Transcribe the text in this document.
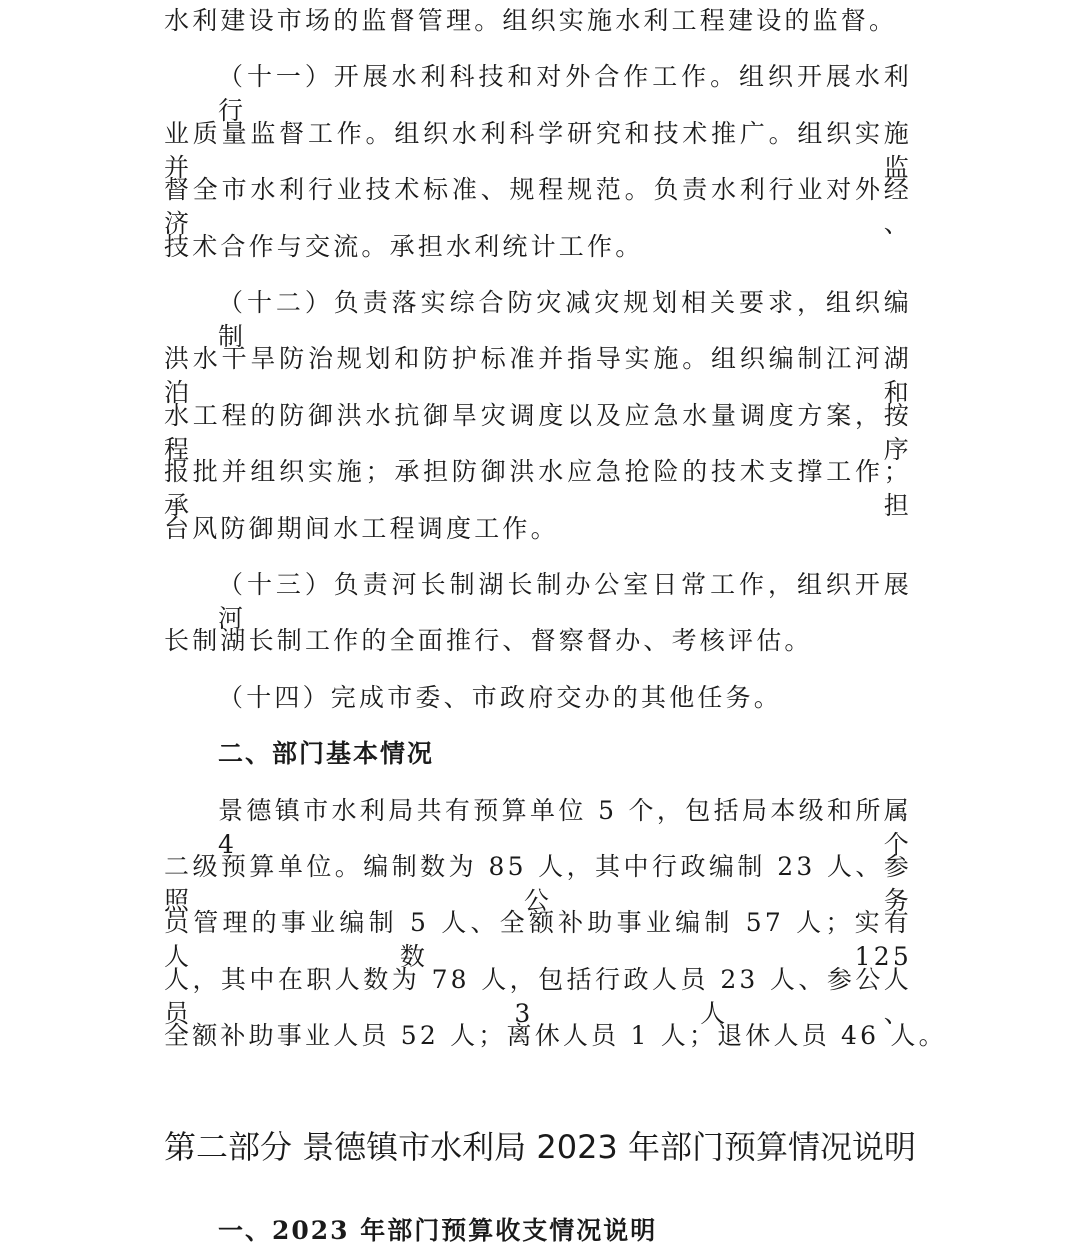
水利建设市场的监督管理。组织实施水利工程建设的监督。
（十一）开展水利科技和对外合作工作。组织开展水利行
业质量监督工作。组织水利科学研究和技术推广。组织实施并监
督全市水利行业技术标准、规程规范。负责水利行业对外经济、
技术合作与交流。承担水利统计工作。
（十二）负责落实综合防灾减灾规划相关要求，组织编制
洪水干旱防治规划和防护标准并指导实施。组织编制江河湖泊和
水工程的防御洪水抗御旱灾调度以及应急水量调度方案，按程序
报批并组织实施；承担防御洪水应急抢险的技术支撑工作；承担
台风防御期间水工程调度工作。
（十三）负责河长制湖长制办公室日常工作，组织开展河
长制湖长制工作的全面推行、督察督办、考核评估。
（十四）完成市委、市政府交办的其他任务。
二、部门基本情况
景德镇市水利局共有预算单位 5 个，包括局本级和所属 4 个
二级预算单位。编制数为 85 人，其中行政编制 23 人、参照公务
员管理的事业编制 5 人、全额补助事业编制 57 人；实有人数 125
人，其中在职人数为 78 人，包括行政人员 23 人、参公人员 3 人、
全额补助事业人员 52 人；离休人员 1 人；退休人员 46 人。
第二部分 景德镇市水利局 2023 年部门预算情况说明
一、2023 年部门预算收支情况说明
